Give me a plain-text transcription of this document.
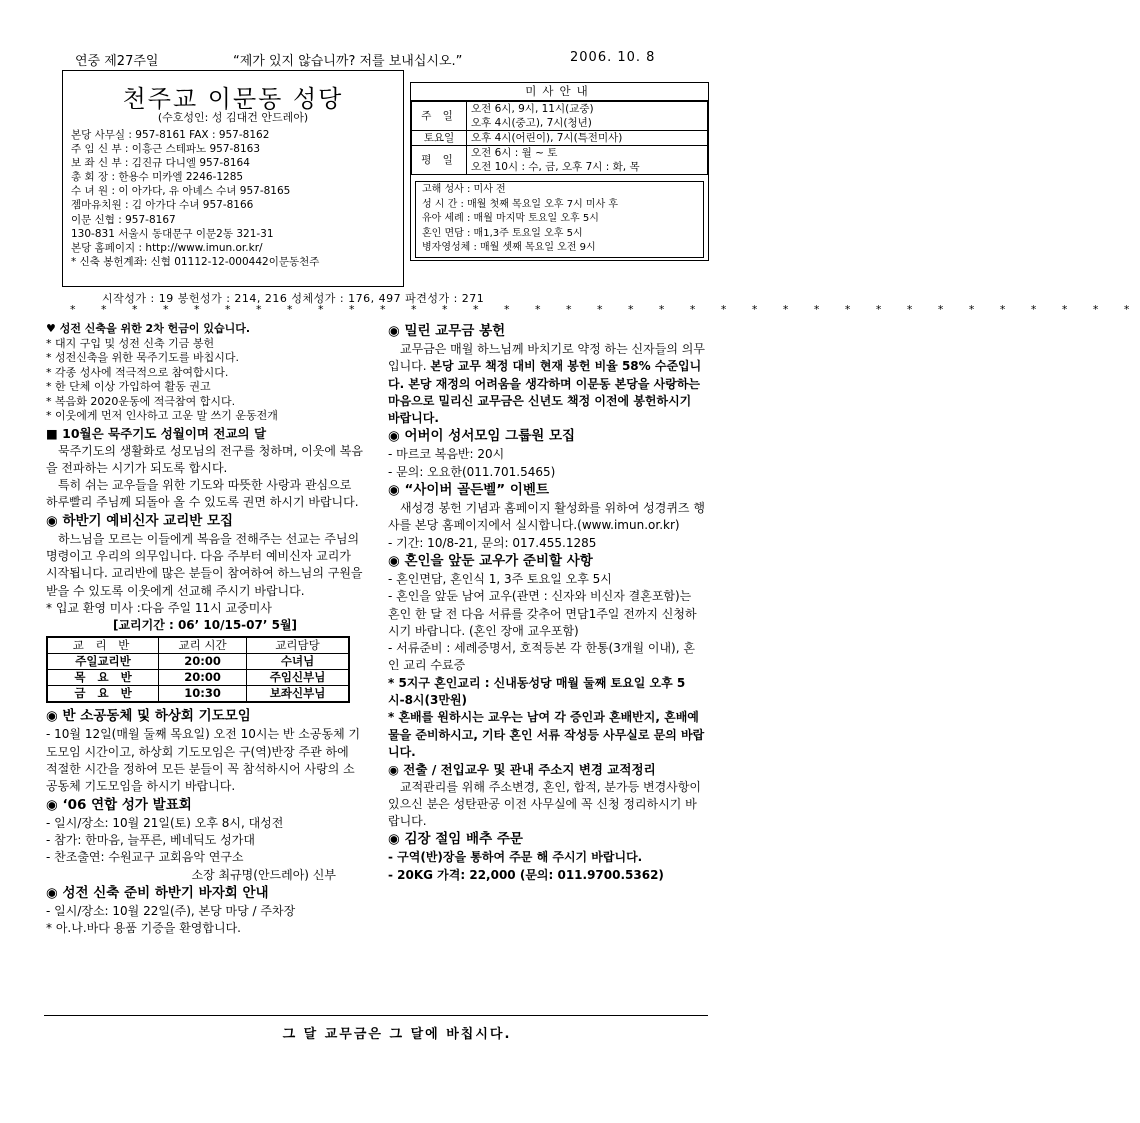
연중 제27주일	“제가 있지 않습니까? 저를 보내십시오.”	2006. 10. 8
천주교 이문동 성당
(수호성인: 성 김대건 안드레아)
본당 사무실 : 957-8161 FAX : 957-8162
주 임 신 부 : 이흥근 스테파노 957-8163
보 좌 신 부 : 김진규 다니엘 957-8164
총 회 장 : 한용수 미카엘 2246-1285
수 녀 원 : 이 아가다, 유 아녜스 수녀 957-8165
젬마유치원 : 김 아가다 수녀 957-8166
이문 신협 : 957-8167
130-831 서울시 동대문구 이문2동 321-31
본당 홈페이지 : http://www.imun.or.kr/
* 신축 봉헌계좌: 신협 01112-12-000442이문동천주
미사안내
주 일	오전 6시, 9시, 11시(교중)
오후 4시(중고), 7시(청년)

토요일	오후 4시(어린이), 7시(특전미사)

평 일	오전 6시 : 월 ~ 토
오전 10시 : 수, 금, 오후 7시 : 화, 목
고해 성사 : 미사 전
성 시 간 : 매월 첫째 목요일 오후 7시 미사 후
유아 세례 : 매월 마지막 토요일 오후 5시
혼인 면담 : 매1,3주 토요일 오후 5시
병자영성체 : 매월 셋째 목요일 오전 9시
시작성가 : 19 봉헌성가 : 214, 216 성체성가 : 176, 497 파견성가 : 271
* * * * * * * * * * * * * * * * * * * * * * * * * * * * * * * * * * *
♥ 성전 신축을 위한 2차 헌금이 있습니다.
* 대지 구입 및 성전 신축 기금 봉헌
* 성전신축을 위한 묵주기도를 바칩시다.
* 각종 성사에 적극적으로 참여합시다.
* 한 단체 이상 가입하여 활동 권고
* 복음화 2020운동에 적극참여 합시다.
* 이웃에게 먼저 인사하고 고운 말 쓰기 운동전개
■ 10월은 묵주기도 성월이며 전교의 달

묵주기도의 생활화로 성모님의 전구를 청하며, 이웃에 복음을 전파하는 시기가 되도록 합시다.

특히 쉬는 교우들을 위한 기도와 따뜻한 사랑과 관심으로 하루빨리 주님께 되돌아 올 수 있도록 권면 하시기 바랍니다.

◉ 하반기 예비신자 교리반 모집

하느님을 모르는 이들에게 복음을 전해주는 선교는 주님의 명령이고 우리의 의무입니다. 다음 주부터 예비신자 교리가 시작됩니다. 교리반에 많은 분들이 참여하여 하느님의 구원을 받을 수 있도록 이웃에게 선교해 주시기 바랍니다.

* 입교 환영 미사 :다음 주일 11시 교중미사
[교리기간 : 06’ 10/15-07’ 5월]
교 리 반	교리 시간	교리담당
주일교리반	20:00	수녀님
목   요   반	20:00	주임신부님
금   요   반	10:30	보좌신부님
◉ 반 소공동체 및 하상회 기도모임

- 10월 12일(매월 둘째 목요일) 오전 10시는 반 소공동체 기도모임 시간이고, 하상회 기도모임은 구(역)반장 주관 하에 적절한 시간을 정하여 모든 분들이 꼭 참석하시어 사랑의 소공동체 기도모임을 하시기 바랍니다.

◉ ‘06 연합 성가 발표회
- 일시/장소: 10월 21일(토) 오후 8시, 대성전
- 참가: 한마음, 늘푸른, 베네딕도 성가대
- 찬조출연: 수원교구 교회음악 연구소
소장 최규명(안드레아) 신부
◉ 성전 신축 준비 하반기 바자회 안내
- 일시/장소: 10월 22일(주), 본당 마당 / 주차장
* 아.나.바다 용품 기증을 환영합니다.
◉ 밀린 교무금 봉헌

교무금은 매월 하느님께 바치기로 약정 하는 신자들의 의무입니다. 본당 교무 책정 대비 현재 봉헌 비율 58% 수준입니다. 본당 재정의 어려움을 생각하며 이문동 본당을 사랑하는 마음으로 밀리신 교무금은 신년도 책정 이전에 봉헌하시기 바랍니다.

◉ 어버이 성서모임 그룹원 모집
- 마르코 복음반: 20시
- 문의: 오요한(011.701.5465)
◉ “사이버 골든벨” 이벤트

새성경 봉헌 기념과 홈페이지 활성화를 위하여 성경퀴즈 행사를 본당 홈페이지에서 실시합니다.(www.imun.or.kr)

- 기간: 10/8-21, 문의: 017.455.1285
◉ 혼인을 앞둔 교우가 준비할 사항
- 혼인면담, 혼인식 1, 3주 토요일 오후 5시
- 혼인을 앞둔 남여 교우(관면 : 신자와 비신자 결혼포함)는 혼인 한 달 전 다음 서류를 갖추어 면담1주일 전까지 신청하시기 바랍니다. (혼인 장애 교우포함)
- 서류준비 : 세례증명서, 호적등본 각 한통(3개월 이내), 혼인 교리 수료증
* 5지구 혼인교리 : 신내동성당 매월 둘째 토요일 오후 5시-8시(3만원)
* 혼배를 원하시는 교우는 남여 각 증인과 혼배반지, 혼배예물을 준비하시고, 기타 혼인 서류 작성등 사무실로 문의 바랍니다.
◉ 전출 / 전입교우 및 관내 주소지 변경 교적정리

교적관리를 위해 주소변경, 혼인, 합적, 분가등 변경사항이 있으신 분은 성탄판공 이전 사무실에 꼭 신청 정리하시기 바랍니다.

◉ 김장 절임 배추 주문
- 구역(반)장을 통하여 주문 해 주시기 바랍니다.
- 20KG 가격: 22,000 (문의: 011.9700.5362)
그 달 교무금은 그 달에 바칩시다.
